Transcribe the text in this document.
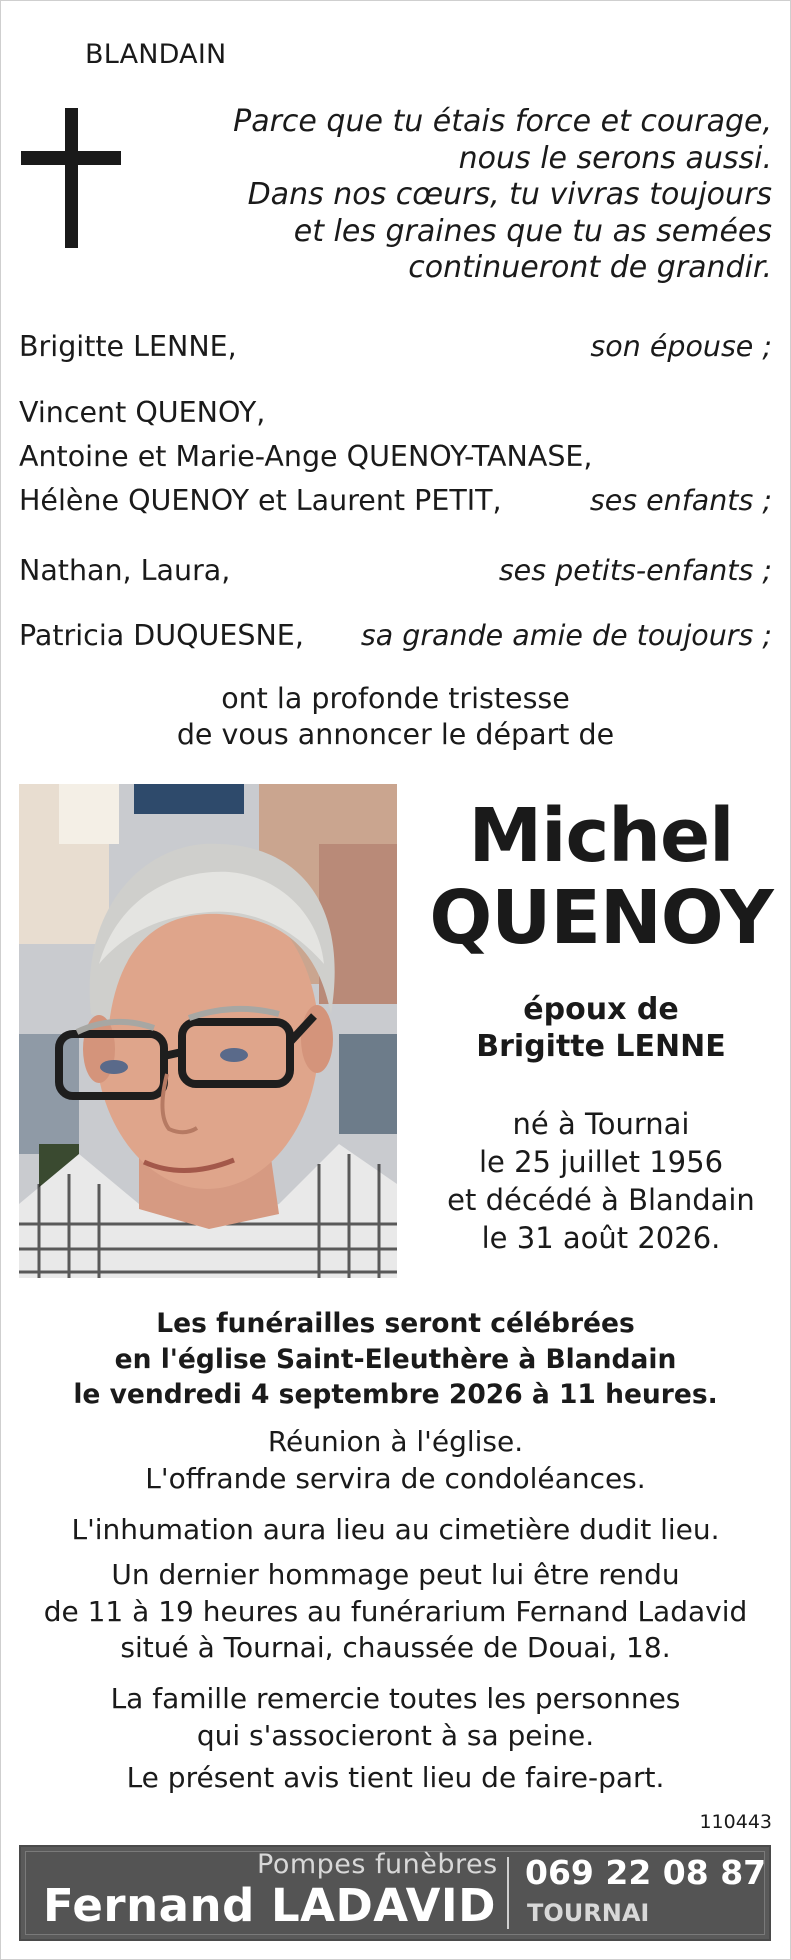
BLANDAIN
Parce que tu étais force et courage,
nous le serons aussi.
Dans nos cœurs, tu vivras toujours
et les graines que tu as semées
continueront de grandir.
Brigitte LENNE,	son épouse ;
Vincent QUENOY,
Antoine et Marie-Ange QUENOY-TANASE,
Hélène QUENOY et Laurent PETIT,	ses enfants ;
Nathan, Laura,	ses petits-enfants ;
Patricia DUQUESNE, sa grande amie de toujours ;
ont la profonde tristesse
de vous annoncer le départ de
Michel
QUENOY
époux de
Brigitte LENNE
né à Tournai
le 25 juillet 1956
et décédé à Blandain
le 31 août 2026.
Les funérailles seront célébrées
en l'église Saint-Eleuthère à Blandain
le vendredi 4 septembre 2026 à 11 heures.
Réunion à l'église.
L'offrande servira de condoléances.
L'inhumation aura lieu au cimetière dudit lieu.
Un dernier hommage peut lui être rendu
de 11 à 19 heures au funérarium Fernand Ladavid
situé à Tournai, chaussée de Douai, 18.
La famille remercie toutes les personnes
qui s'associeront à sa peine.
Le présent avis tient lieu de faire-part.
110443
Pompes funèbres
Fernand LADAVID
069 22 08 87
TOURNAI
